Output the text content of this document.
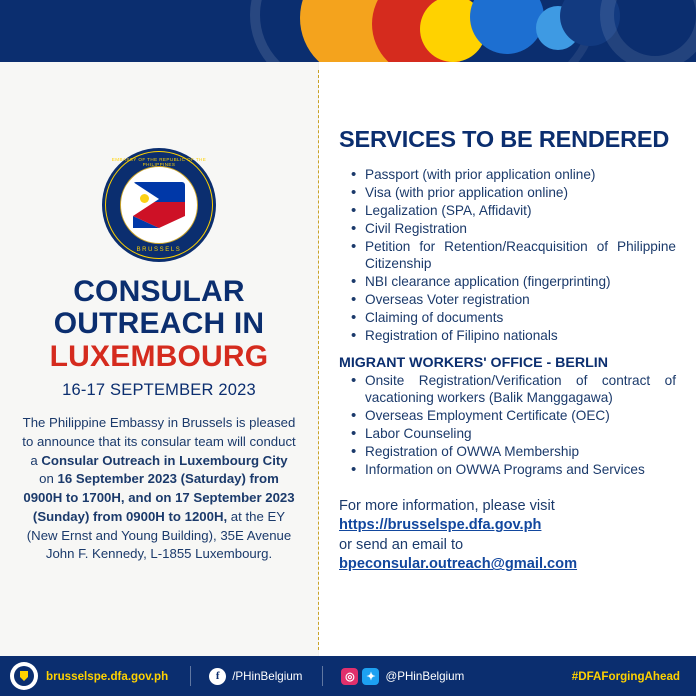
EMBASSY OF THE REPUBLIC OF THE PHILIPPINES
BRUSSELS
CONSULAR
OUTREACH IN
LUXEMBOURG
16-17 SEPTEMBER 2023
The Philippine Embassy in Brussels is pleased to announce that its consular team will conduct a Consular Outreach in Luxembourg City on 16 September 2023 (Saturday) from 0900H to 1700H, and on 17 September 2023 (Sunday) from 0900H to 1200H, at the EY (New Ernst and Young Building), 35E Avenue John F. Kennedy, L-1855 Luxembourg.
SERVICES TO BE RENDERED
• Passport (with prior application online)
• Visa (with prior application online)
• Legalization (SPA, Affidavit)
• Civil Registration
• Petition for Retention/Reacquisition of Philippine Citizenship
• NBI clearance application (fingerprinting)
• Overseas Voter registration
• Claiming of documents
• Registration of Filipino nationals
MIGRANT WORKERS' OFFICE - BERLIN
• Onsite Registration/Verification of contract of vacationing workers (Balik Manggagawa)
• Overseas Employment Certificate (OEC)
• Labor Counseling
• Registration of OWWA Membership
• Information on OWWA Programs and Services
For more information, please visit
https://brusselspe.dfa.gov.ph
or send an email to
bpeconsular.outreach@gmail.com
brusselspe.dfa.gov.ph	f	/PHinBelgium	◎	✦ @PHinBelgium	#DFAForgingAhead
